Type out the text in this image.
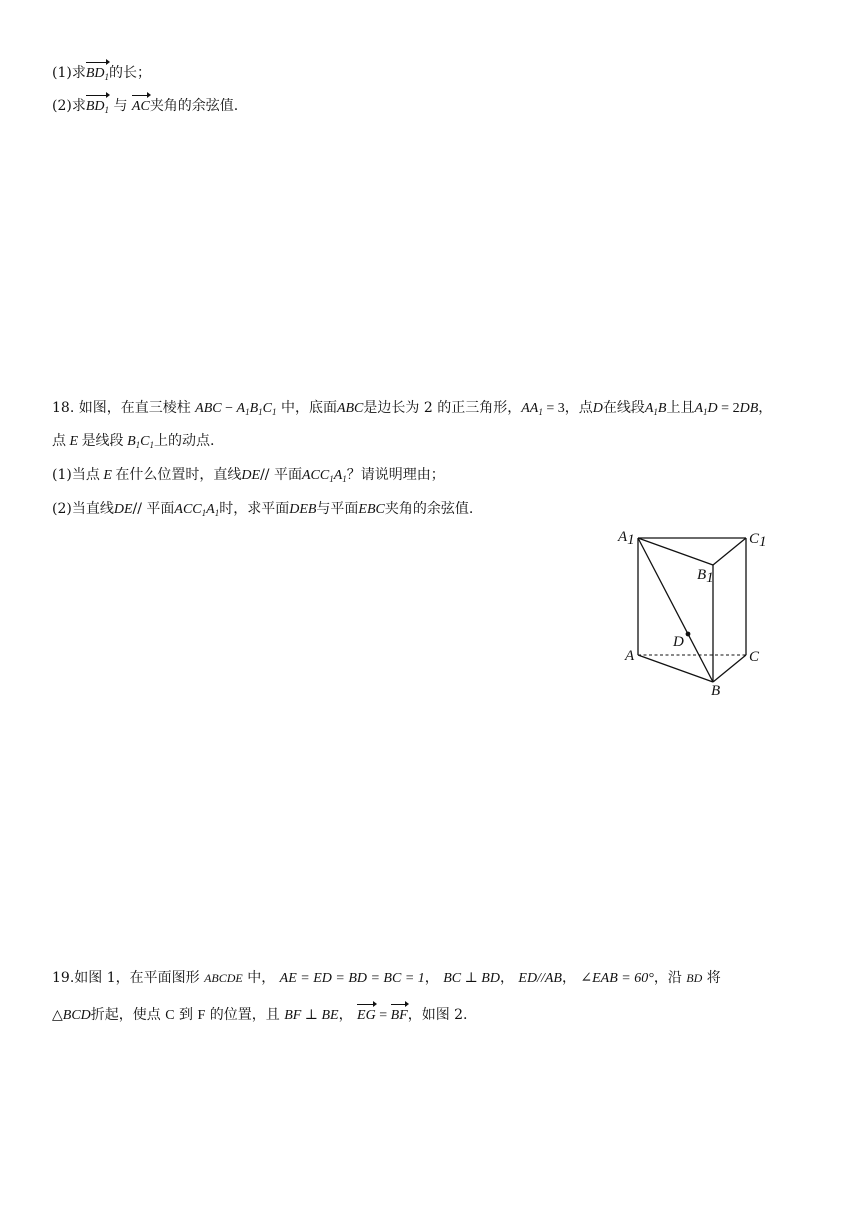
(1)求$BD_1$的长；
(2)求$BD_1$ 与 AC夹角的余弦值.
18. 如图，在直三棱柱 ABC − $A_1B_1C_1$ 中，底面ABC是边长为 2 的正三角形，$AA_1 = 3$，点D在线段$A_1B$上且$A_1D = 2DB$，
点 E 是线段 $B_1C_1$上的动点.
(1)当点 E 在什么位置时，直线DE// 平面$ACC_1A_1$？请说明理由；
(2)当直线DE// 平面$ACC_1A_1$时，求平面DEB与平面EBC夹角的余弦值.
A1	C1
B1
D
A	C
B
19.如图 1，在平面图形 ABCDE 中， AE = ED = BD = BC = 1， BC ⊥ BD， ED//AB， ∠EAB = 60°，沿 BD 将
△BCD折起，使点 C 到 F 的位置，且 BF ⊥ BE， EG = BF，如图 2.
